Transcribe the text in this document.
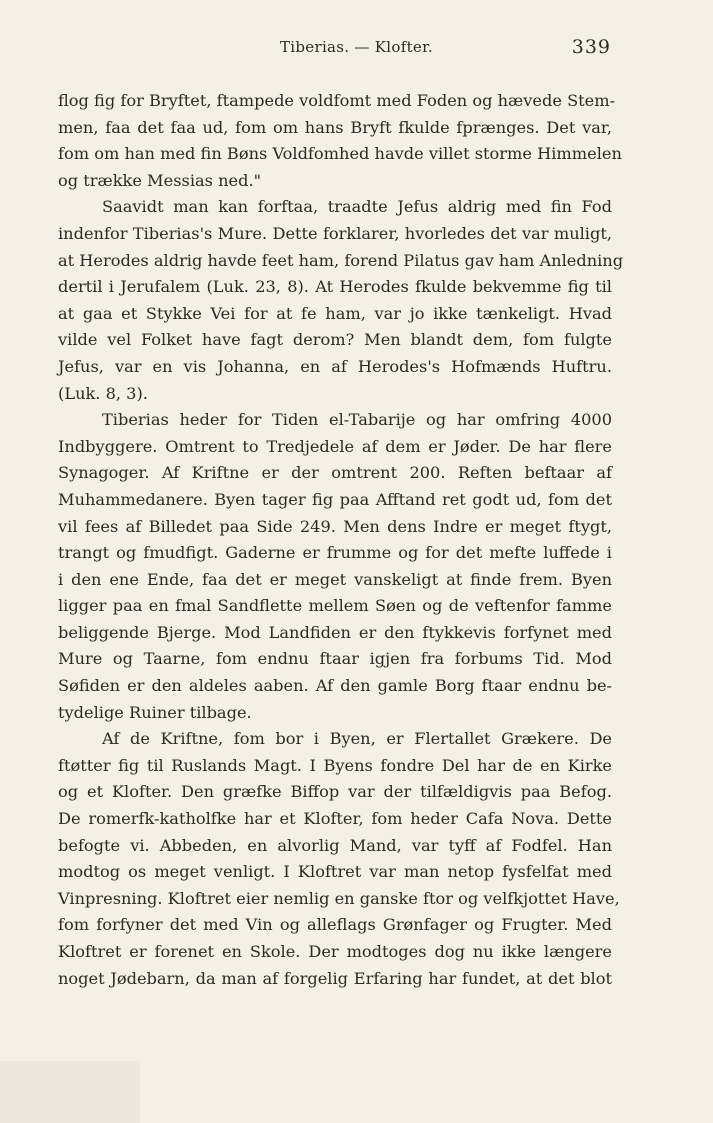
Tiberias. — Klofter.	339
flog fig for Bryftet, ftampede voldfomt med Foden og hævede Stem-
men, faa det faa ud, fom om hans Bryft fkulde fprænges. Det var,
fom om han med fin Bøns Voldfomhed havde villet storme Himmelen
og trække Messias ned."
Saavidt man kan forftaa, traadte Jefus aldrig med fin Fod
indenfor Tiberias's Mure. Dette forklarer, hvorledes det var muligt,
at Herodes aldrig havde feet ham, forend Pilatus gav ham Anledning
dertil i Jerufalem (Luk. 23, 8). At Herodes fkulde bekvemme fig til
at gaa et Stykke Vei for at fe ham, var jo ikke tænkeligt. Hvad
vilde vel Folket have fagt derom? Men blandt dem, fom fulgte
Jefus, var en vis Johanna, en af Herodes's Hofmænds Huftru.
(Luk. 8, 3).
Tiberias heder for Tiden el-Tabarije og har omfring 4000
Indbyggere. Omtrent to Tredjedele af dem er Jøder. De har flere
Synagoger. Af Kriftne er der omtrent 200. Reften beftaar af
Muhammedanere. Byen tager fig paa Afftand ret godt ud, fom det
vil fees af Billedet paa Side 249. Men dens Indre er meget ftygt,
trangt og fmudfigt. Gaderne er frumme og for det mefte luffede i
i den ene Ende, faa det er meget vanskeligt at finde frem. Byen
ligger paa en fmal Sandflette mellem Søen og de veftenfor famme
beliggende Bjerge. Mod Landfiden er den ftykkevis forfynet med
Mure og Taarne, fom endnu ftaar igjen fra forbums Tid. Mod
Søfiden er den aldeles aaben. Af den gamle Borg ftaar endnu be-
tydelige Ruiner tilbage.
Af de Kriftne, fom bor i Byen, er Flertallet Grækere. De
ftøtter fig til Ruslands Magt. I Byens fondre Del har de en Kirke
og et Klofter. Den græfke Biffop var der tilfældigvis paa Befog.
De romerfk-katholfke har et Klofter, fom heder Cafa Nova. Dette
befogte vi. Abbeden, en alvorlig Mand, var tyff af Fodfel. Han
modtog os meget venligt. I Kloftret var man netop fysfelfat med
Vinpresning. Kloftret eier nemlig en ganske ftor og velfkjottet Have,
fom forfyner det med Vin og alleflags Grønfager og Frugter. Med
Kloftret er forenet en Skole. Der modtoges dog nu ikke længere
noget Jødebarn, da man af forgelig Erfaring har fundet, at det blot
